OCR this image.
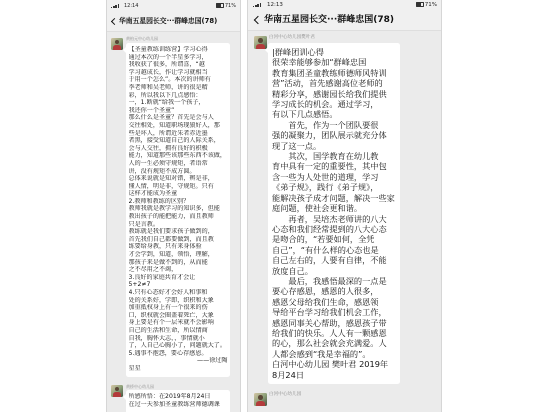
12:14	71%
华南五星园长交···群峰忠国(78)
黄柏元中心幼儿园
【圣童教练训练营】学习心得
通过本次的一个半星多学习，
我收获了很多，所谓喜，“越
学习越成长，作让学习就相当
于用一个怎么”。本次的讲师有
李老师和吴老师，讲的很是精
彩，所以我以下几点感悟：
一，1.断就“给我一个孩子，
我还你一个圣童”
那么什么是圣童？首先是会与人
交往相处，知道职场现狼好人，那
些是坏人，所谓近朱者赤近墨
者黑，接受知道自己的人际关系，
会与人交往，拥有良好的积极
能力，知道那些该那些东西不该做，
人的一生必须守规矩，者语常
讲，没有规矩不成方圆。
总体来说就是知对错，辨是非，
懂人情，明是非，守规矩。只有
这样才能成为圣童
2.教师和教练的区别？
教师我就是教学习的知识多，但能
教出孩子的能把能力，而且教师
只是言教。
教练就是我们要求孩子做到的，
首先我们自己都要做到，而且教
练要给身教，只有来身体验
才会学到，知道，领悟，理解，
那孩子来是做不到的，从而能
之不尽用之不竭，
3.良好的家庭共育才会让
5+2≠7
4.只有心态好才会好人和事和
处的关系好，学即，织积和大象
加重抵权身上有一个很来的伤
口，织权就会圈盖着死亡，大象
身上要是有个一层米就不会影响
自己的生活和生命，所以情商
自我，胸怀大志，，事情就小
了，人自己心胸小了，问题就大了。
5.遇事不抱怨，要心存感恩。
——徐过陶
星星
黄桥中心幼儿园
所感所悟：在2019年8月24日
在过一天参加圣童教练营师德调课
12:13	71%
华南五星园长交···群峰忠国(78)
白河中心幼儿园樊叶君
|群峰团训心得
很荣幸能够参加“群峰忠国
教育集团圣童教练师德师风特训
营”活动，首先感谢高位老师的
精彩分享，感谢园长给我们提供
学习成长的机会。通过学习，
有以下几点感悟。
首先，作为一个团队要很
强的凝聚力，团队展示就充分体
现了这一点。
其次，国学教育在幼儿教
育中具有一定的重要性，其中包
含一些为人处世的道理，学习
《弟子规》，践行《弟子规》，
能解决孩子成才问题，解决一些家
庭问题，使社会更和谐。
再者，吴培杰老师讲的八大
心态和我们经常提到的八大心态
是吻合的，“若要如何，全凭
自己”，“有什么样的心态也是
自己左右的，人要有自律，不能
放度自己。
最后，我感悟最深的一点是
要心存感恩，感恩的人很多，
感恩父母给我们生命，感恩领
导给平台学习给我们机会工作，
感恩同事关心帮助，感恩孩子带
给我们的快乐。人人有一颗感恩
的心，那么社会就会充满爱。人
人都会感到“我是幸福的”。
白河中心幼儿园 樊叶君 2019年
8月24日
白河中心幼儿园
